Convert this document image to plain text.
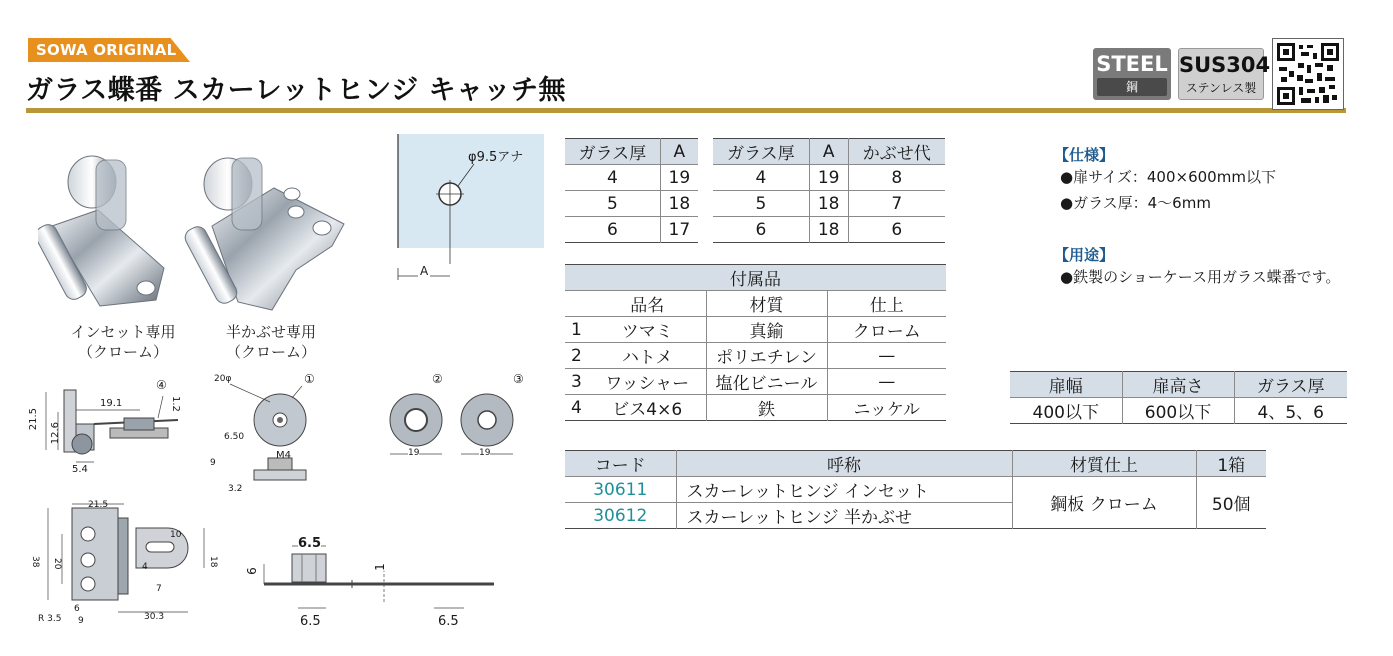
SOWA ORIGINAL
ガラス蝶番 スカーレットヒンジ キャッチ無
STEEL
鋼
SUS304
ステンレス製
インセット専用
（クローム）
半かぶせ専用
（クローム）
φ9.5アナ
A
21.5
12.6
19.1	1.2
5.4
④	20φ	①
6.50
M4
9
3.2
②
19
③
19
21.5
10
38 20	18
4
7
6
9
R 3.5	30.3
6.5
6
1
6.5	6.5
ガラス厚	A
4	19
5	18
6	17
ガラス厚	A	かぶせ代
4	19	8
5	18	7
6	18	6
付属品			
	品名	材質	仕上
1	ツマミ	真鍮	クローム
2	ハトメ	ポリエチレン	—
3	ワッシャー	塩化ビニール	—
4	ビス4×6	鉄	ニッケル
【仕様】
●扉サイズ：400×600mm以下
●ガラス厚：4～6mm
【用途】
●鉄製のショーケース用ガラス蝶番です。
扉幅	扉高さ	ガラス厚
400以下	600以下	4、5、6
コード	呼称	材質仕上	1箱
30611	スカーレットヒンジ インセット	鋼板 クローム	50個
30612	スカーレットヒンジ 半かぶせ		
